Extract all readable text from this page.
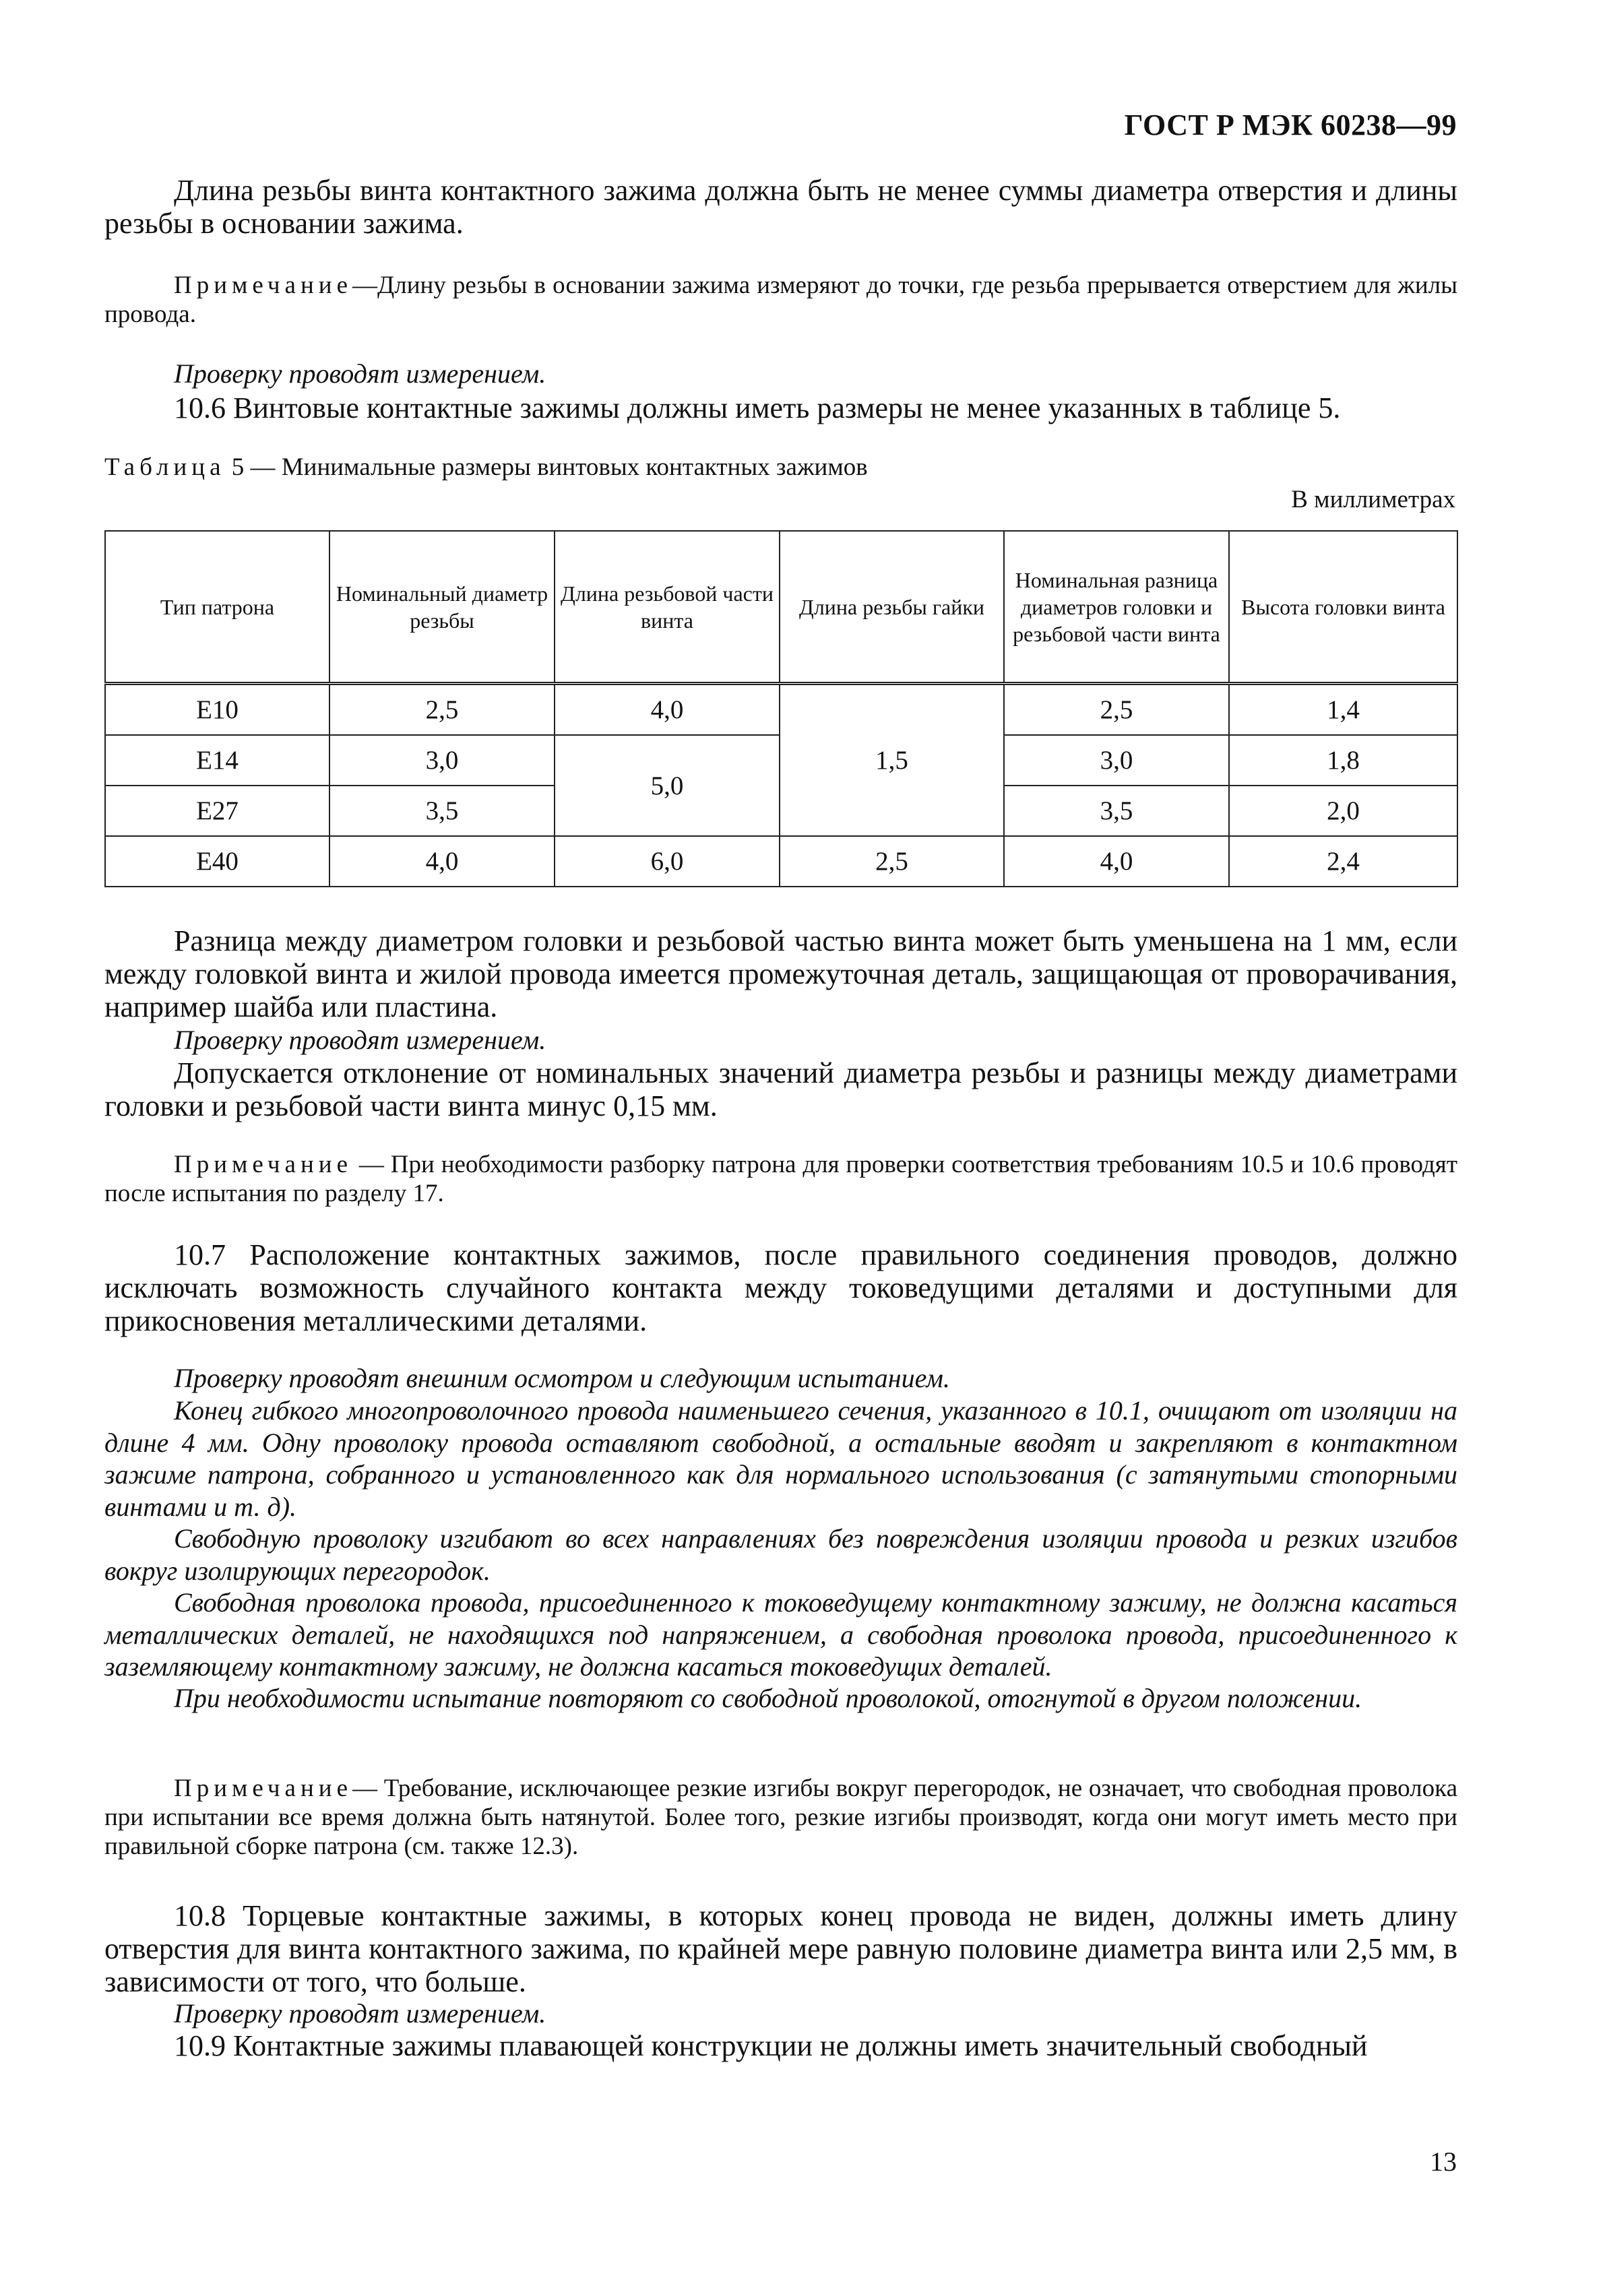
ГОСТ Р МЭК 60238—99

Длина резьбы винта контактного зажима должна быть не менее суммы диаметра отверстия и длины резьбы в основании зажима.

Примечание—Длину резьбы в основании зажима измеряют до точки, где резьба прерывается отверстием для жилы провода.

Проверку проводят измерением.

10.6 Винтовые контактные зажимы должны иметь размеры не менее указанных в таблице 5.

Таблица 5 — Минимальные размеры винтовых контактных зажимов
В миллиметрах
Тип патрона	Номинальный диаметр резьбы	Длина резьбовой части винта	Длина резьбы гайки	Номинальная разница диаметров головки и резьбовой части винта	Высота головки винта
E10	2,5	4,0	1,5	2,5	1,4
E14	3,0	5,0		3,0	1,8
E27	3,5			3,5	2,0
E40	4,0	6,0	2,5	4,0	2,4

Разница между диаметром головки и резьбовой частью винта может быть уменьшена на 1 мм, если между головкой винта и жилой провода имеется промежуточная деталь, защищающая от проворачивания, например шайба или пластина.

Проверку проводят измерением.

Допускается отклонение от номинальных значений диаметра резьбы и разницы между диаметрами головки и резьбовой части винта минус 0,15 мм.

Примечание — При необходимости разборку патрона для проверки соответствия требованиям 10.5 и 10.6 проводят после испытания по разделу 17.

10.7 Расположение контактных зажимов, после правильного соединения проводов, должно исключать возможность случайного контакта между токоведущими деталями и доступными для прикосновения металлическими деталями.

Проверку проводят внешним осмотром и следующим испытанием.

Конец гибкого многопроволочного провода наименьшего сечения, указанного в 10.1, очищают от изоляции на длине 4 мм. Одну проволоку провода оставляют свободной, а остальные вводят и закрепляют в контактном зажиме патрона, собранного и установленного как для нормального использования (с затянутыми стопорными винтами и т. д).

Свободную проволоку изгибают во всех направлениях без повреждения изоляции провода и резких изгибов вокруг изолирующих перегородок.

Свободная проволока провода, присоединенного к токоведущему контактному зажиму, не должна касаться металлических деталей, не находящихся под напряжением, а свободная проволока провода, присоединенного к заземляющему контактному зажиму, не должна касаться токоведущих деталей.

При необходимости испытание повторяют со свободной проволокой, отогнутой в другом положении.

Примечание— Требование, исключающее резкие изгибы вокруг перегородок, не означает, что свободная проволока при испытании все время должна быть натянутой. Более того, резкие изгибы производят, когда они могут иметь место при правильной сборке патрона (см. также 12.3).

10.8 Торцевые контактные зажимы, в которых конец провода не виден, должны иметь длину отверстия для винта контактного зажима, по крайней мере равную половине диаметра винта или 2,5 мм, в зависимости от того, что больше.

Проверку проводят измерением.

10.9 Контактные зажимы плавающей конструкции не должны иметь значительный свободный

13
